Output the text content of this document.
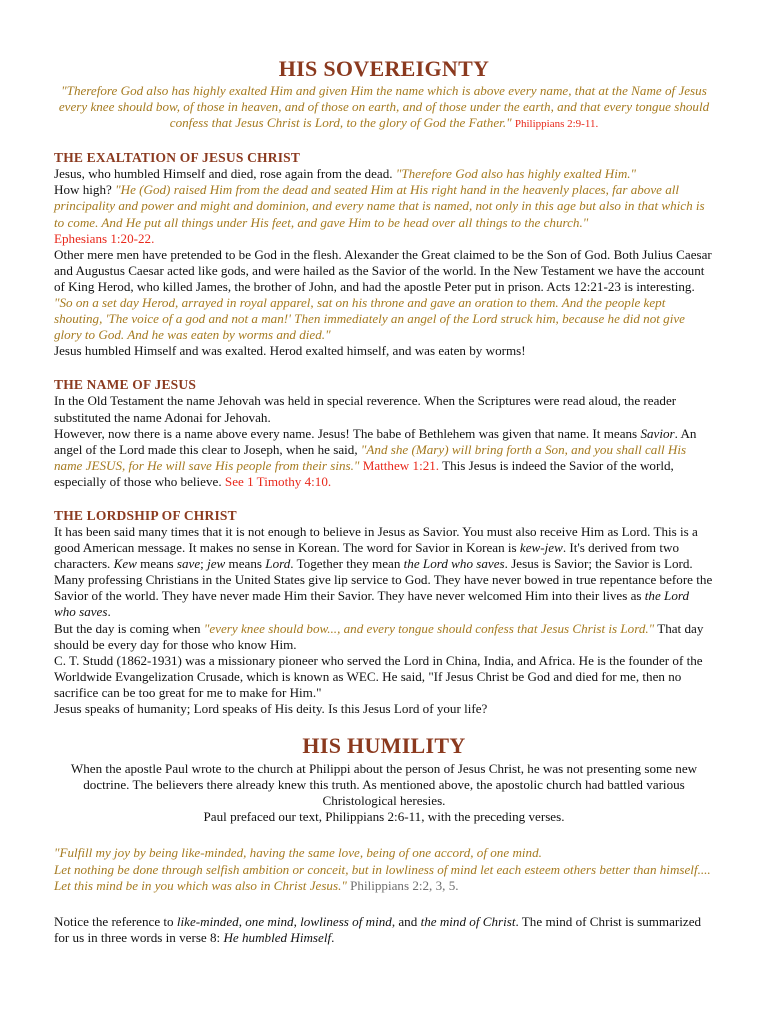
HIS SOVEREIGNTY

"Therefore God also has highly exalted Him and given Him the name which is above every name, that at the Name of Jesus every knee should bow, of those in heaven, and of those on earth, and of those under the earth, and that every tongue should confess that Jesus Christ is Lord, to the glory of God the Father." Philippians 2:9-11.

THE EXALTATION OF JESUS CHRIST

Jesus, who humbled Himself and died, rose again from the dead. "Therefore God also has highly exalted Him."

How high? "He (God) raised Him from the dead and seated Him at His right hand in the heavenly places, far above all principality and power and might and dominion, and every name that is named, not only in this age but also in that which is to come. And He put all things under His feet, and gave Him to be head over all things to the church."
Ephesians 1:20-22.

Other mere men have pretended to be God in the flesh. Alexander the Great claimed to be the Son of God. Both Julius Caesar and Augustus Caesar acted like gods, and were hailed as the Savior of the world. In the New Testament we have the account of King Herod, who killed James, the brother of John, and had the apostle Peter put in prison. Acts 12:21-23 is interesting. "So on a set day Herod, arrayed in royal apparel, sat on his throne and gave an oration to them. And the people kept shouting, 'The voice of a god and not a man!' Then immediately an angel of the Lord struck him, because he did not give glory to God. And he was eaten by worms and died."

Jesus humbled Himself and was exalted. Herod exalted himself, and was eaten by worms!

THE NAME OF JESUS

In the Old Testament the name Jehovah was held in special reverence. When the Scriptures were read aloud, the reader substituted the name Adonai for Jehovah.

However, now there is a name above every name. Jesus! The babe of Bethlehem was given that name. It means Savior. An angel of the Lord made this clear to Joseph, when he said, "And she (Mary) will bring forth a Son, and you shall call His name JESUS, for He will save His people from their sins." Matthew 1:21. This Jesus is indeed the Savior of the world, especially of those who believe. See 1 Timothy 4:10.

THE LORDSHIP OF CHRIST

It has been said many times that it is not enough to believe in Jesus as Savior. You must also receive Him as Lord. This is a good American message. It makes no sense in Korean. The word for Savior in Korean is kew-jew. It's derived from two characters. Kew means save; jew means Lord. Together they mean the Lord who saves. Jesus is Savior; the Savior is Lord.

Many professing Christians in the United States give lip service to God. They have never bowed in true repentance before the Savior of the world. They have never made Him their Savior. They have never welcomed Him into their lives as the Lord who saves.

But the day is coming when "every knee should bow..., and every tongue should confess that Jesus Christ is Lord." That day should be every day for those who know Him.

C. T. Studd (1862-1931) was a missionary pioneer who served the Lord in China, India, and Africa. He is the founder of the Worldwide Evangelization Crusade, which is known as WEC. He said, "If Jesus Christ be God and died for me, then no sacrifice can be too great for me to make for Him."

Jesus speaks of humanity; Lord speaks of His deity. Is this Jesus Lord of your life?

HIS HUMILITY

When the apostle Paul wrote to the church at Philippi about the person of Jesus Christ, he was not presenting some new doctrine. The believers there already knew this truth. As mentioned above, the apostolic church had battled various Christological heresies.

Paul prefaced our text, Philippians 2:6-11, with the preceding verses.

"Fulfill my joy by being like-minded, having the same love, being of one accord, of one mind.
Let nothing be done through selfish ambition or conceit, but in lowliness of mind let each esteem others better than himself.... Let this mind be in you which was also in Christ Jesus." Philippians 2:2, 3, 5.

Notice the reference to like-minded, one mind, lowliness of mind, and the mind of Christ. The mind of Christ is summarized for us in three words in verse 8: He humbled Himself.
